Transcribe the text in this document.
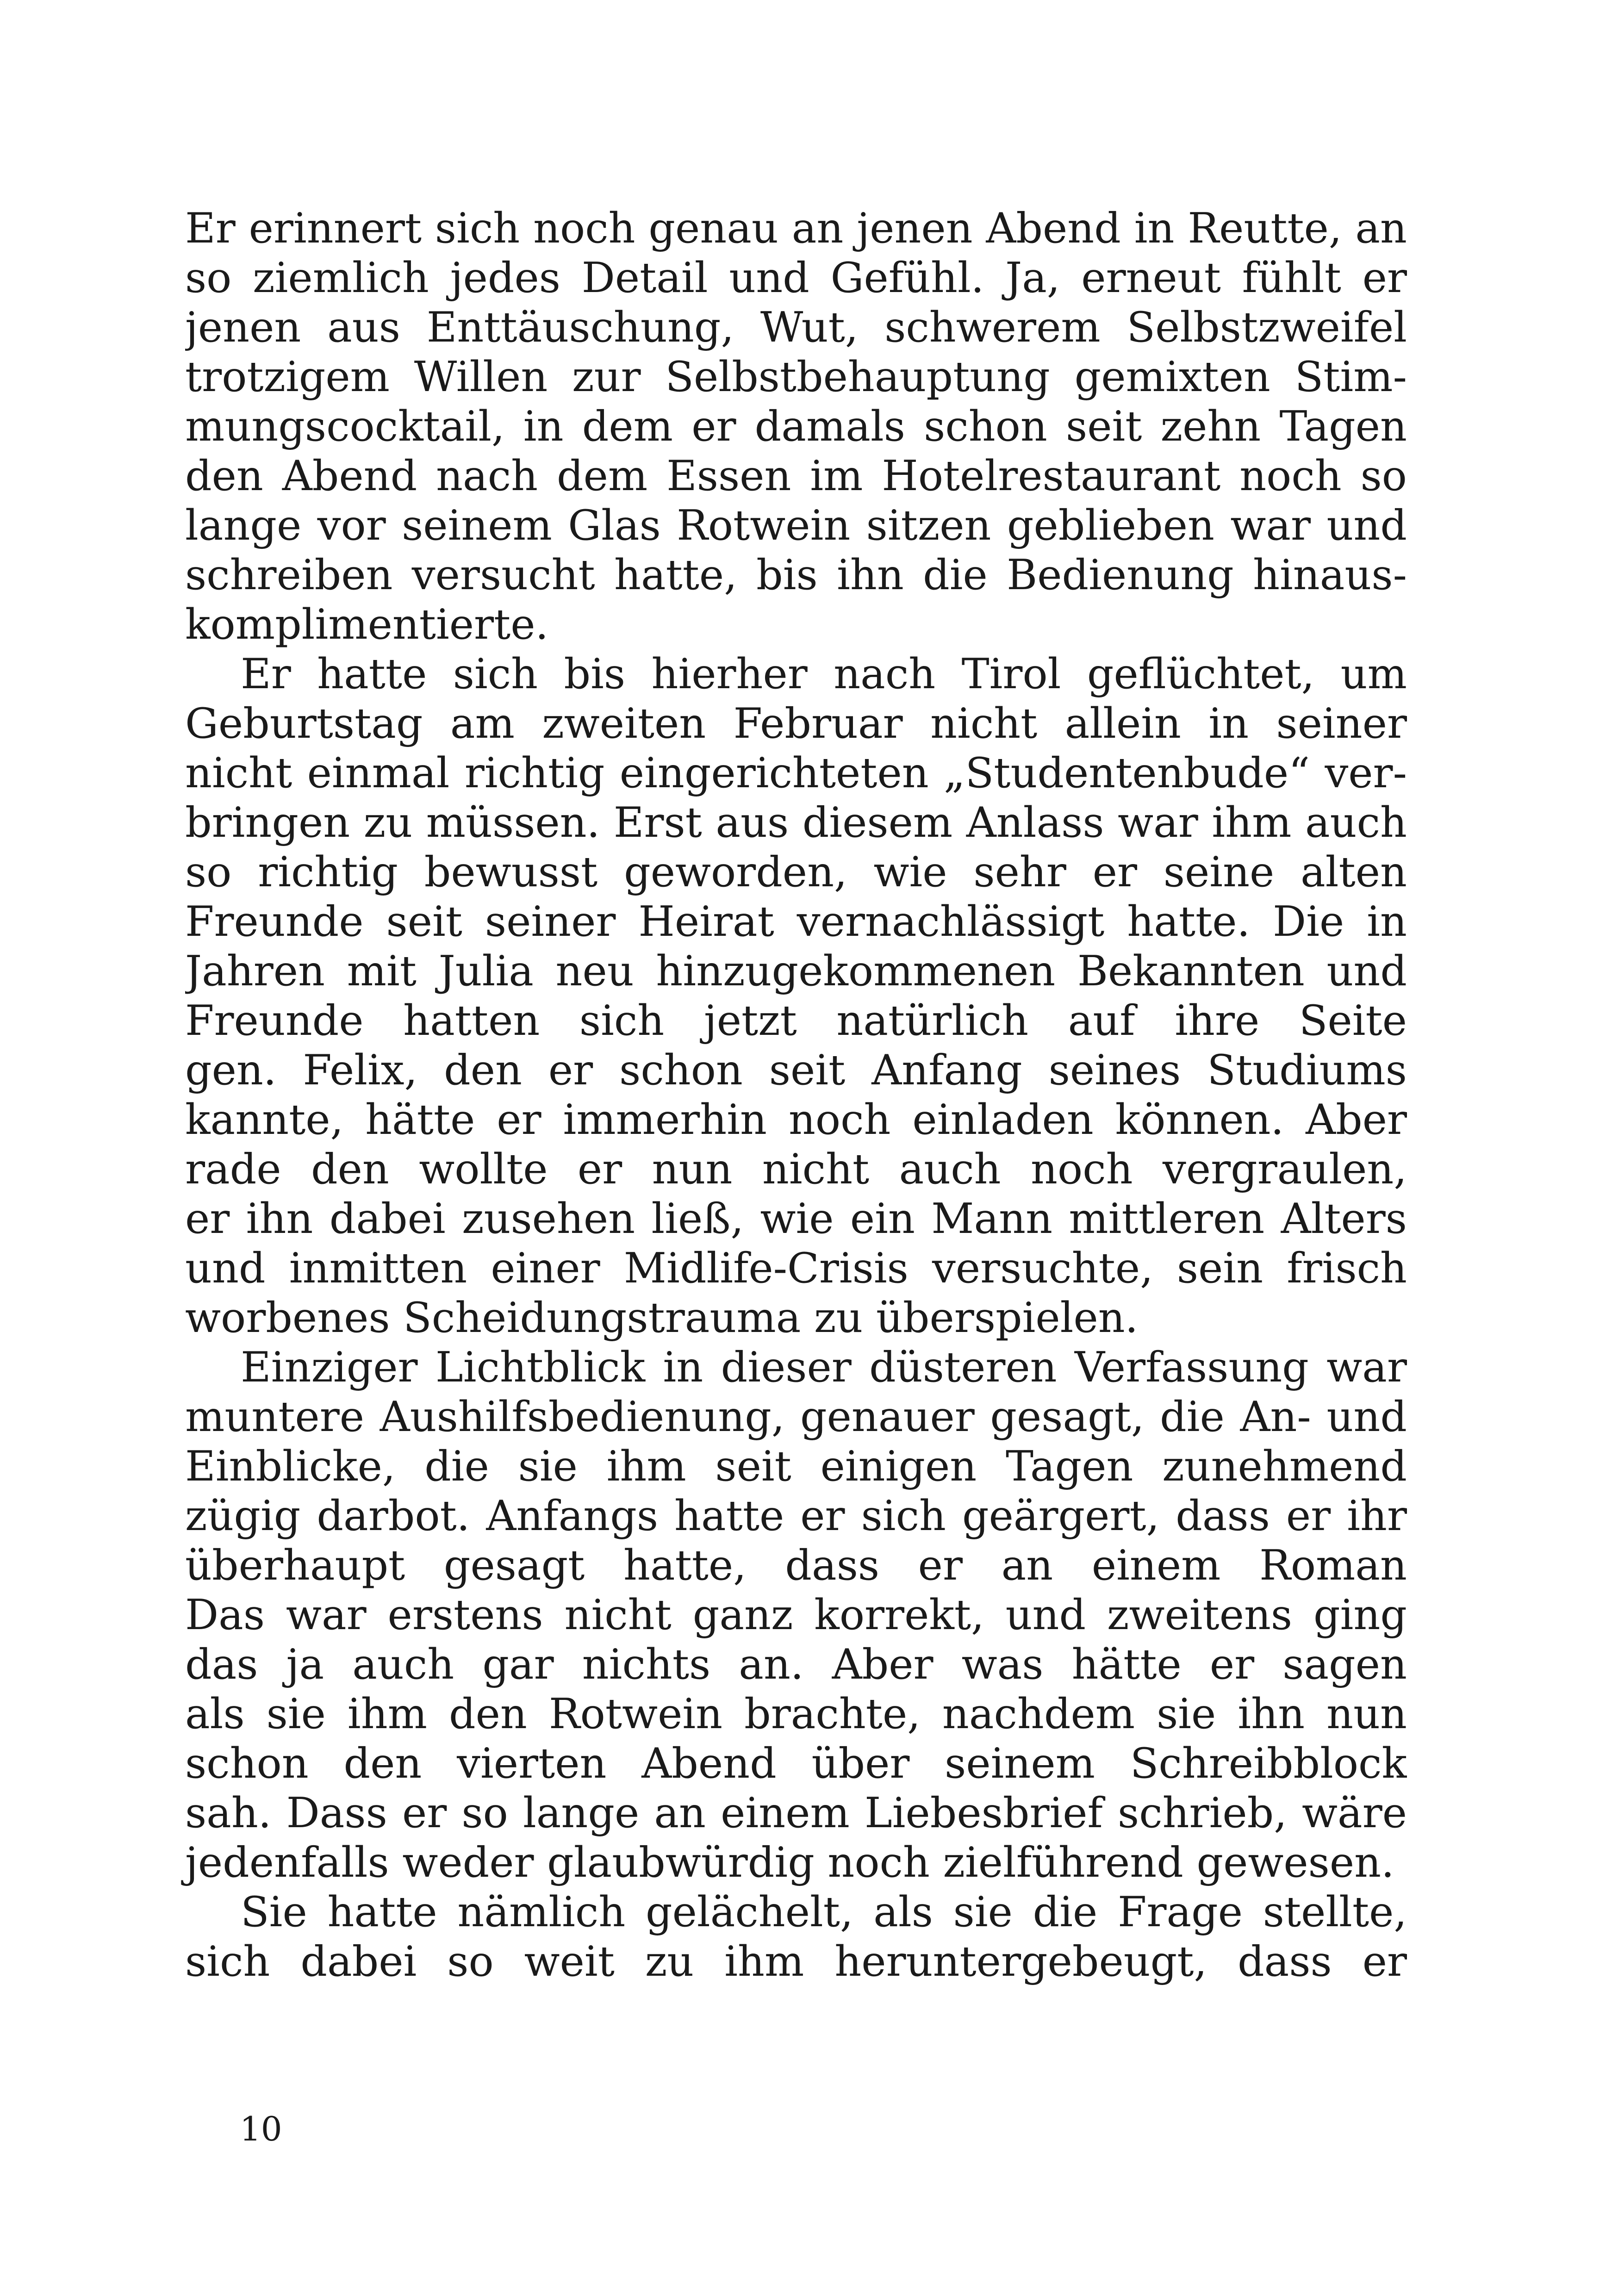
Er erinnert sich noch genau an jenen Abend in Reutte, an
so ziemlich jedes Detail und Gefühl. Ja, erneut fühlt er
jenen aus Enttäuschung, Wut, schwerem Selbstzweifel
trotzigem Willen zur Selbstbehauptung gemixten Stim-
mungscocktail, in dem er damals schon seit zehn Tagen
den Abend nach dem Essen im Hotelrestaurant noch so
lange vor seinem Glas Rotwein sitzen geblieben war und
schreiben versucht hatte, bis ihn die Bedienung hinaus-
komplimentierte.
Er hatte sich bis hierher nach Tirol geflüchtet, um
Geburtstag am zweiten Februar nicht allein in seiner
nicht einmal richtig eingerichteten „Studentenbude“ ver-
bringen zu müssen. Erst aus diesem Anlass war ihm auch
so richtig bewusst geworden, wie sehr er seine alten
Freunde seit seiner Heirat vernachlässigt hatte. Die in
Jahren mit Julia neu hinzugekommenen Bekannten und
Freunde hatten sich jetzt natürlich auf ihre Seite
gen. Felix, den er schon seit Anfang seines Studiums
kannte, hätte er immerhin noch einladen können. Aber
rade den wollte er nun nicht auch noch vergraulen,
er ihn dabei zusehen ließ, wie ein Mann mittleren Alters
und inmitten einer Midlife-Crisis versuchte, sein frisch
worbenes Scheidungstrauma zu überspielen.
Einziger Lichtblick in dieser düsteren Verfassung war
muntere Aushilfsbedienung, genauer gesagt, die An- und
Einblicke, die sie ihm seit einigen Tagen zunehmend
zügig darbot. Anfangs hatte er sich geärgert, dass er ihr
überhaupt gesagt hatte, dass er an einem Roman
Das war erstens nicht ganz korrekt, und zweitens ging
das ja auch gar nichts an. Aber was hätte er sagen
als sie ihm den Rotwein brachte, nachdem sie ihn nun
schon den vierten Abend über seinem Schreibblock
sah. Dass er so lange an einem Liebesbrief schrieb, wäre
jedenfalls weder glaubwürdig noch zielführend gewesen.
Sie hatte nämlich gelächelt, als sie die Frage stellte,
sich dabei so weit zu ihm heruntergebeugt, dass er
10
